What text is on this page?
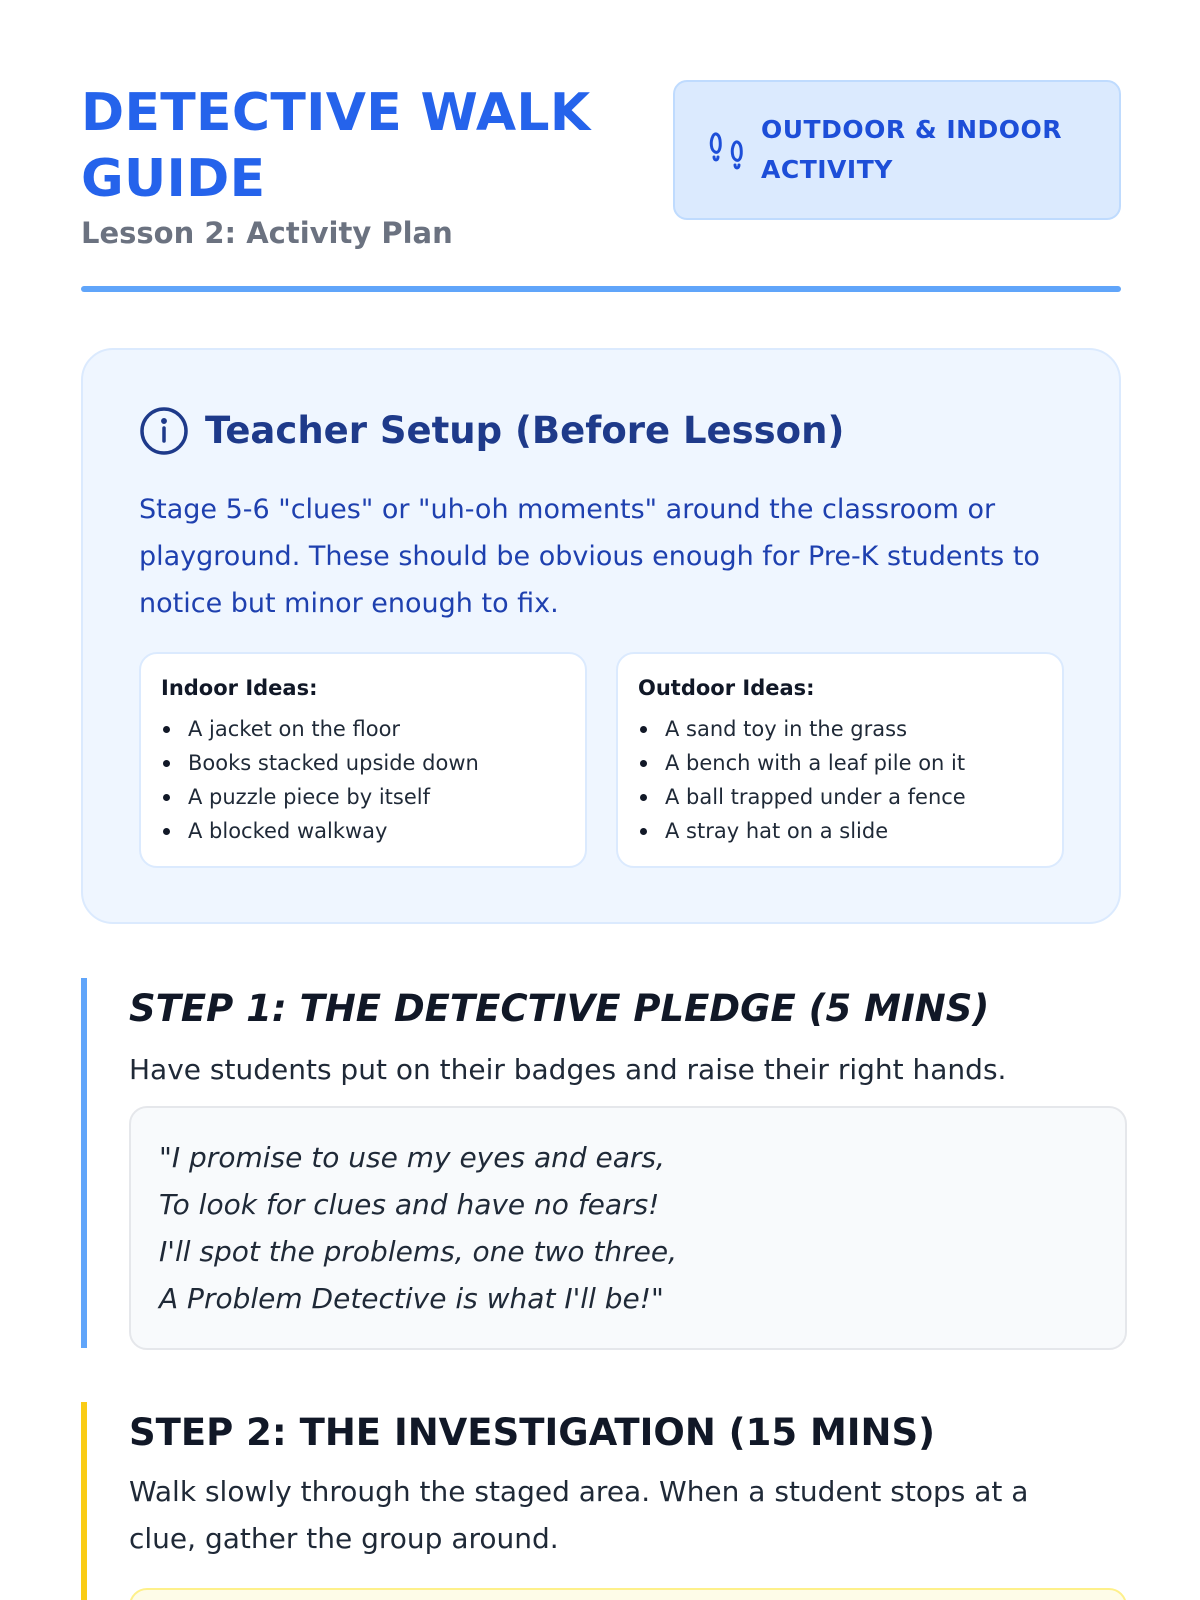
DETECTIVE WALK GUIDE
Lesson 2: Activity Plan
OUTDOOR & INDOOR ACTIVITY
Teacher Setup (Before Lesson)
Stage 5-6 "clues" or "uh-oh moments" around the classroom or playground. These should be obvious enough for Pre-K students to notice but minor enough to fix.
Indoor Ideas:
A jacket on the floor
Books stacked upside down
A puzzle piece by itself
A blocked walkway
Outdoor Ideas:
A sand toy in the grass
A bench with a leaf pile on it
A ball trapped under a fence
A stray hat on a slide
STEP 1: THE DETECTIVE PLEDGE (5 MINS)
Have students put on their badges and raise their right hands.
"I promise to use my eyes and ears,
To look for clues and have no fears!
I'll spot the problems, one two three,
A Problem Detective is what I'll be!"
STEP 2: THE INVESTIGATION (15 MINS)
Walk slowly through the staged area. When a student stops at a clue, gather the group around.
